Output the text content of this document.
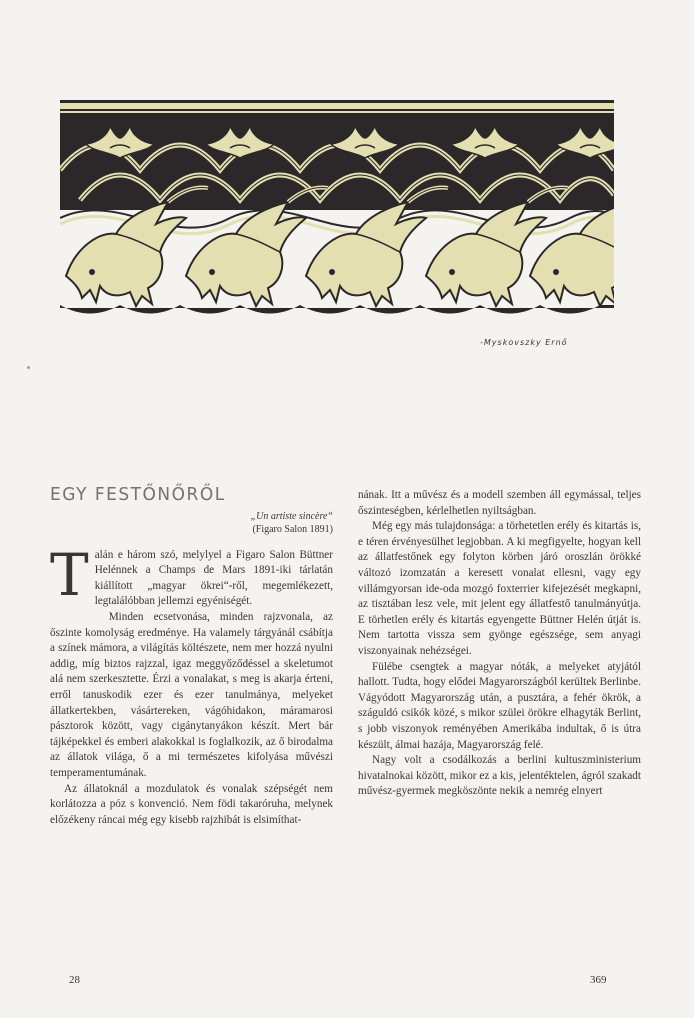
-Myskovszky Ernő
EGY FESTŐNŐRŐL
„Un artiste sincère“
(Figaro Salon 1891)

Talán e három szó, melylyel a Figaro Salon Büttner Helénnek a Champs de Mars 1891-iki tárlatán kiállított „magyar ökrei“-ről, megemlékezett, legtalálóbban jellemzi egyéniségét.

Minden ecsetvonása, minden rajzvonala, az őszinte komolyság eredménye. Ha valamely tárgyánál csábítja a színek mámora, a világítás költészete, nem mer hozzá nyulni addig, míg biztos rajzzal, igaz meggyőződéssel a skeletumot alá nem szerkesztette. Érzi a vonalakat, s meg is akarja érteni, erről tanuskodik ezer és ezer tanulmánya, melyeket állatkertekben, vásártereken, vágóhidakon, máramarosi pásztorok között, vagy cigánytanyákon készít. Mert bár tájképekkel és emberi alakokkal is foglalkozik, az ő birodalma az állatok világa, ő a mi természetes kifolyása művészi temperamentumának.

Az állatoknál a mozdulatok és vonalak szépségét nem korlátozza a póz s konvenció. Nem födi takaróruha, melynek előzékeny ráncai még egy kisebb rajzhibát is elsimíthat-

nának. Itt a művész és a modell szemben áll egymással, teljes őszinteségben, kérlelhetlen nyiltságban.

Még egy más tulajdonsága: a törhetetlen erély és kitartás is, e téren érvényesülhet legjobban. A ki megfigyelte, hogyan kell az állatfestőnek egy folyton körben járó oroszlán örökké változó izomzatán a keresett vonalat ellesni, vagy egy villámgyorsan ide-oda mozgó foxterrier kifejezését megkapni, az tisztában lesz vele, mit jelent egy állatfestő tanulmányútja. E törhetlen erély és kitartás egyengette Büttner Helén útját is. Nem tartotta vissza sem gyönge egészsége, sem anyagi viszonyainak nehézségei.

Fülébe csengtek a magyar nóták, a melyeket atyjától hallott. Tudta, hogy elődei Magyarországból kerültek Berlinbe. Vágyódott Magyarország után, a pusztára, a fehér ökrök, a száguldó csikók közé, s mikor szülei örökre elhagyták Berlint, s jobb viszonyok reményében Amerikába indultak, ő is útra készült, álmai hazája, Magyarország felé.

Nagy volt a csodálkozás a berlini kultuszministerium hivatalnokai között, mikor ez a kis, jelentéktelen, ágról szakadt művész-gyermek megköszönte nekik a nemrég elnyert

28	369
